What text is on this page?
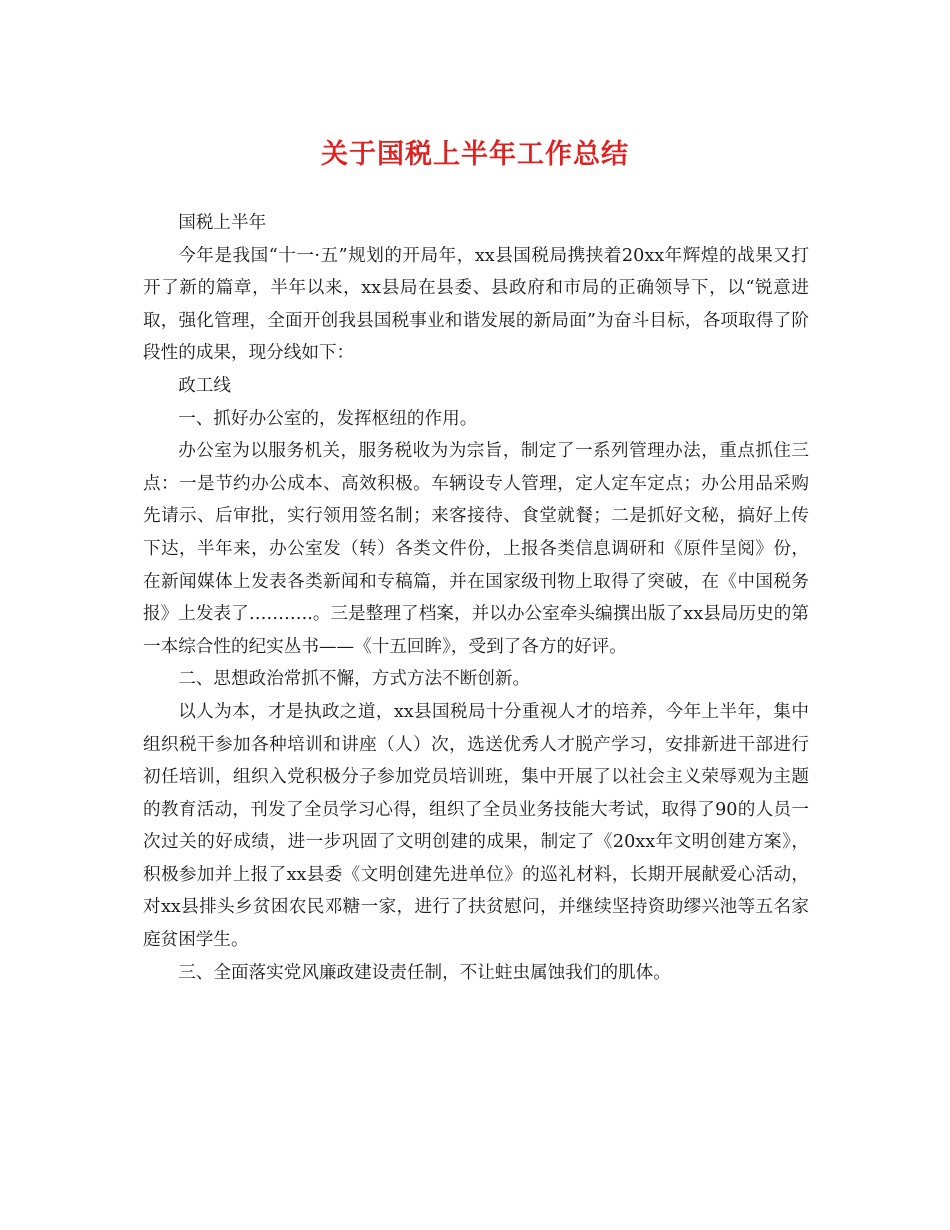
关于国税上半年工作总结

国税上半年

今年是我国“十一·五”规划的开局年，xx县国税局携挟着20xx年辉煌的战果又打开了新的篇章，半年以来，xx县局在县委、县政府和市局的正确领导下，以“锐意进取，强化管理，全面开创我县国税事业和谐发展的新局面”为奋斗目标，各项取得了阶段性的成果，现分线如下：

政工线

一、抓好办公室的，发挥枢纽的作用。

办公室为以服务机关，服务税收为为宗旨，制定了一系列管理办法，重点抓住三点：一是节约办公成本、高效积极。车辆设专人管理，定人定车定点；办公用品采购先请示、后审批，实行领用签名制；来客接待、食堂就餐；二是抓好文秘，搞好上传下达，半年来，办公室发（转）各类文件份，上报各类信息调研和《原件呈阅》份，在新闻媒体上发表各类新闻和专稿篇，并在国家级刊物上取得了突破，在《中国税务报》上发表了………..。三是整理了档案，并以办公室牵头编撰出版了xx县局历史的第一本综合性的纪实丛书——《十五回眸》，受到了各方的好评。

二、思想政治常抓不懈，方式方法不断创新。

以人为本，才是执政之道，xx县国税局十分重视人才的培养，今年上半年，集中组织税干参加各种培训和讲座（人）次，选送优秀人才脱产学习，安排新进干部进行初任培训，组织入党积极分子参加党员培训班，集中开展了以社会主义荣辱观为主题的教育活动，刊发了全员学习心得，组织了全员业务技能大考试，取得了90的人员一次过关的好成绩，进一步巩固了文明创建的成果，制定了《20xx年文明创建方案》，积极参加并上报了xx县委《文明创建先进单位》的巡礼材料，长期开展献爱心活动，对xx县排头乡贫困农民邓糖一家，进行了扶贫慰问，并继续坚持资助缪兴池等五名家庭贫困学生。

三、全面落实党风廉政建设责任制，不让蛀虫属蚀我们的肌体。
